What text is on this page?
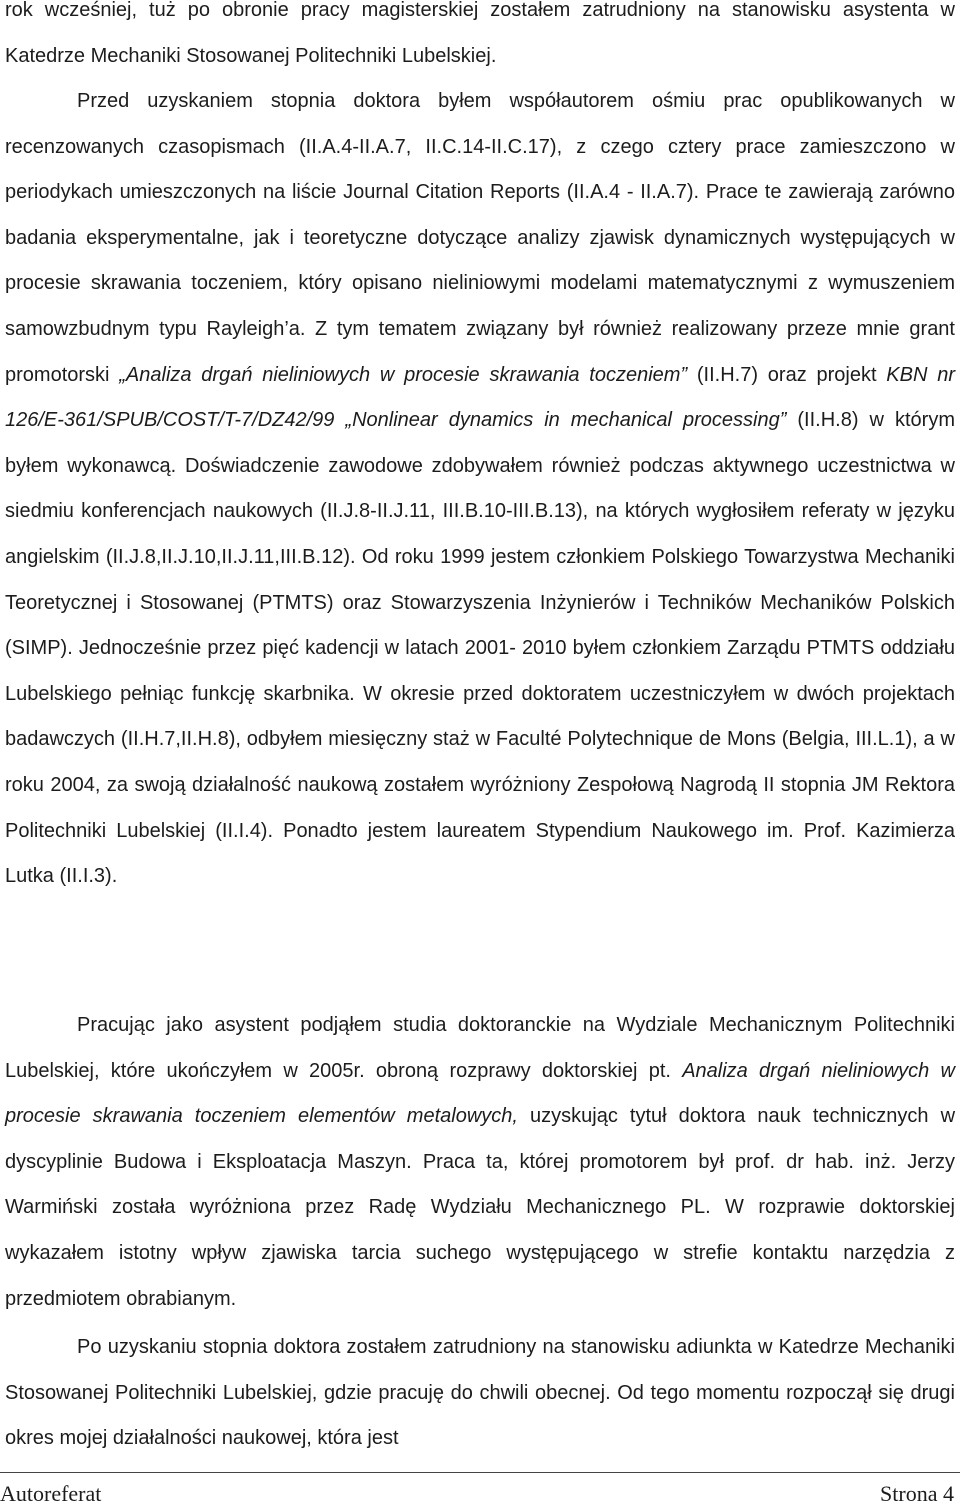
rok wcześniej, tuż po obronie pracy magisterskiej zostałem zatrudniony na stanowisku asystenta w Katedrze Mechaniki Stosowanej Politechniki Lubelskiej.

Przed uzyskaniem stopnia doktora byłem współautorem ośmiu prac opublikowanych w recenzowanych czasopismach (II.A.4-II.A.7, II.C.14-II.C.17), z czego cztery prace zamieszczono w periodykach umieszczonych na liście Journal Citation Reports (II.A.4 - II.A.7). Prace te zawierają zarówno badania eksperymentalne, jak i teoretyczne dotyczące analizy zjawisk dynamicznych występujących w procesie skrawania toczeniem, który opisano nieliniowymi modelami matematycznymi z wymuszeniem samowzbudnym typu Rayleigh’a. Z tym tematem związany był również realizowany przeze mnie grant promotorski „Analiza drgań nieliniowych w procesie skrawania toczeniem” (II.H.7) oraz projekt KBN nr 126/E-361/SPUB/COST/T-7/DZ42/99 „Nonlinear dynamics in mechanical processing” (II.H.8) w którym byłem wykonawcą. Doświadczenie zawodowe zdobywałem również podczas aktywnego uczestnictwa w siedmiu konferencjach naukowych (II.J.8-II.J.11, III.B.10-III.B.13), na których wygłosiłem referaty w języku angielskim (II.J.8,II.J.10,II.J.11,III.B.12). Od roku 1999 jestem członkiem Polskiego Towarzystwa Mechaniki Teoretycznej i Stosowanej (PTMTS) oraz Stowarzyszenia Inżynierów i Techników Mechaników Polskich (SIMP). Jednocześnie przez pięć kadencji w latach 2001- 2010 byłem członkiem Zarządu PTMTS oddziału Lubelskiego pełniąc funkcję skarbnika. W okresie przed doktoratem uczestniczyłem w dwóch projektach badawczych (II.H.7,II.H.8), odbyłem miesięczny staż w Faculté Polytechnique de Mons (Belgia, III.L.1), a w roku 2004, za swoją działalność naukową zostałem wyróżniony Zespołową Nagrodą II stopnia JM Rektora Politechniki Lubelskiej (II.I.4). Ponadto jestem laureatem Stypendium Naukowego im. Prof. Kazimierza Lutka (II.I.3).

Pracując jako asystent podjąłem studia doktoranckie na Wydziale Mechanicznym Politechniki Lubelskiej, które ukończyłem w 2005r. obroną rozprawy doktorskiej pt. Analiza drgań nieliniowych w procesie skrawania toczeniem elementów metalowych, uzyskując tytuł doktora nauk technicznych w dyscyplinie Budowa i Eksploatacja Maszyn. Praca ta, której promotorem był prof. dr hab. inż. Jerzy Warmiński została wyróżniona przez Radę Wydziału Mechanicznego PL. W rozprawie doktorskiej wykazałem istotny wpływ zjawiska tarcia suchego występującego w strefie kontaktu narzędzia z przedmiotem obrabianym.

Po uzyskaniu stopnia doktora zostałem zatrudniony na stanowisku adiunkta w Katedrze Mechaniki Stosowanej Politechniki Lubelskiej, gdzie pracuję do chwili obecnej. Od tego momentu rozpoczął się drugi okres mojej działalności naukowej, która jest

Autoreferat	Strona 4
